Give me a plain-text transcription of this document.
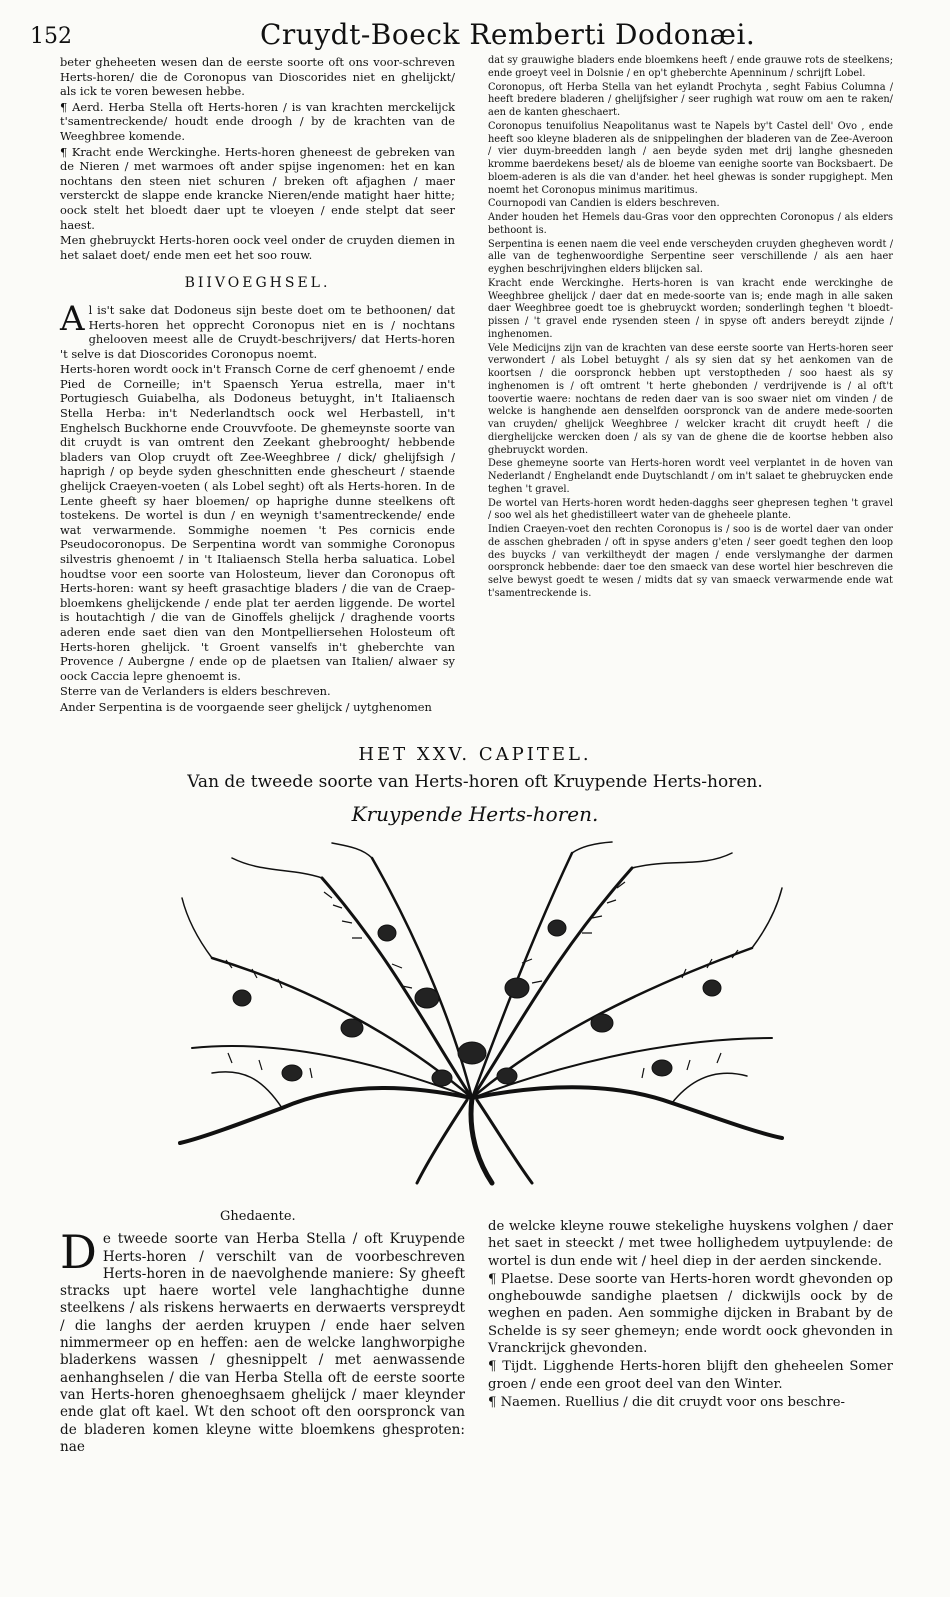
152	Cruydt-Boeck Remberti Dodonæi.

beter gheheeten wesen dan de eerste soorte oft ons voor-schreven Herts-horen/ die de Coronopus van Dioscorides niet en ghelijckt/ als ick te voren bewesen hebbe.

¶ Aerd. Herba Stella oft Herts-horen / is van krachten merckelijck t'samentreckende/ houdt ende droogh / by de krachten van de Weeghbree komende.

¶ Kracht ende Werckinghe. Herts-horen gheneest de gebreken van de Nieren / met warmoes oft ander spijse ingenomen: het en kan nochtans den steen niet schuren / breken oft afjaghen / maer versterckt de slappe ende krancke Nieren/ende matight haer hitte; oock stelt het bloedt daer upt te vloeyen / ende stelpt dat seer haest.

Men ghebruyckt Herts-horen oock veel onder de cruyden diemen in het salaet doet/ ende men eet het soo rouw.

BIIVOEGHSEL.

Al is't sake dat Dodoneus sijn beste doet om te bethoonen/ dat Herts-horen het opprecht Coronopus niet en is / nochtans ghelooven meest alle de Cruydt-beschrijvers/ dat Herts-horen 't selve is dat Dioscorides Coronopus noemt.

Herts-horen wordt oock in't Fransch Corne de cerf ghenoemt / ende Pied de Corneille; in't Spaensch Yerua estrella, maer in't Portugiesch Guiabelha, als Dodoneus betuyght, in't Italiaensch Stella Herba: in't Nederlandtsch oock wel Herbastell, in't Enghelsch Buckhorne ende Crouvvfoote. De ghemeynste soorte van dit cruydt is van omtrent den Zeekant ghebrooght/ hebbende bladers van Olop cruydt oft Zee-Weeghbree / dick/ ghelijfsigh / haprigh / op beyde syden gheschnitten ende ghescheurt / staende ghelijck Craeyen-voeten ( als Lobel seght) oft als Herts-horen. In de Lente gheeft sy haer bloemen/ op haprighe dunne steelkens oft tostekens. De wortel is dun / en weynigh t'samentreckende/ ende wat verwarmende. Sommighe noemen 't Pes cornicis ende Pseudocoronopus. De Serpentina wordt van sommighe Coronopus silvestris ghenoemt / in 't Italiaensch Stella herba saluatica. Lobel houdtse voor een soorte van Holosteum, liever dan Coronopus oft Herts-horen: want sy heeft grasachtige bladers / die van de Craep-bloemkens ghelijckende / ende plat ter aerden liggende. De wortel is houtachtigh / die van de Ginoffels ghelijck / draghende voorts aderen ende saet dien van den Montpelliersehen Holosteum oft Herts-horen ghelijck. 't Groent vanselfs in't gheberchte van Provence / Aubergne / ende op de plaetsen van Italien/ alwaer sy oock Caccia lepre ghenoemt is.

Sterre van de Verlanders is elders beschreven.

Ander Serpentina is de voorgaende seer ghelijck / uytghenomen

dat sy grauwighe bladers ende bloemkens heeft / ende grauwe rots de steelkens; ende groeyt veel in Dolsnie / en op't gheberchte Apenninum / schrijft Lobel.

Coronopus, oft Herba Stella van het eylandt Prochyta , seght Fabius Columna / heeft bredere bladeren / ghelijfsigher / seer rughigh wat rouw om aen te raken/ aen de kanten gheschaert.

Coronopus tenuifolius Neapolitanus wast te Napels by't Castel dell' Ovo , ende heeft soo kleyne bladeren als de snippelinghen der bladeren van de Zee-Averoon / vier duym-breedden langh / aen beyde syden met drij langhe ghesneden kromme baerdekens beset/ als de bloeme van eenighe soorte van Bocksbaert. De bloem-aderen is als die van d'ander. het heel ghewas is sonder rupgighept. Men noemt het Coronopus minimus maritimus.

Cournopodi van Candien is elders beschreven.

Ander houden het Hemels dau-Gras voor den opprechten Coronopus / als elders bethoont is.

Serpentina is eenen naem die veel ende verscheyden cruyden ghegheven wordt / alle van de teghenwoordighe Serpentine seer verschillende / als aen haer eyghen beschrijvinghen elders blijcken sal.

Kracht ende Werckinghe. Herts-horen is van kracht ende werckinghe de Weeghbree ghelijck / daer dat en mede-soorte van is; ende magh in alle saken daer Weeghbree goedt toe is ghebruyckt worden; sonderlingh teghen 't bloedt-pissen / 't gravel ende rysenden steen / in spyse oft anders bereydt zijnde / inghenomen.

Vele Medicijns zijn van de krachten van dese eerste soorte van Herts-horen seer verwondert / als Lobel betuyght / als sy sien dat sy het aenkomen van de koortsen / die oorspronck hebben upt verstoptheden / soo haest als sy inghenomen is / oft omtrent 't herte ghebonden / verdrijvende is / al oft't toovertie waere: nochtans de reden daer van is soo swaer niet om vinden / de welcke is hanghende aen denselfden oorspronck van de andere mede-soorten van cruyden/ ghelijck Weeghbree / welcker kracht dit cruydt heeft / die dierghelijcke wercken doen / als sy van de ghene die de koortse hebben also ghebruyckt worden.

Dese ghemeyne soorte van Herts-horen wordt veel verplantet in de hoven van Nederlandt / Enghelandt ende Duytschlandt / om in't salaet te ghebruycken ende teghen 't gravel.

De wortel van Herts-horen wordt heden-dagghs seer ghepresen teghen 't gravel / soo wel als het ghedistilleert water van de gheheele plante.

Indien Craeyen-voet den rechten Coronopus is / soo is de wortel daer van onder de asschen ghebraden / oft in spyse anders g'eten / seer goedt teghen den loop des buycks / van verkiltheydt der magen / ende verslymanghe der darmen oorspronck hebbende: daer toe den smaeck van dese wortel hier beschreven die selve bewyst goedt te wesen / midts dat sy van smaeck verwarmende ende wat t'samentreckende is.

HET XXV. CAPITEL.
Van de tweede soorte van Herts-horen oft Kruypende Herts-horen.
Kruypende Herts-horen.

Ghedaente.

De tweede soorte van Herba Stella / oft Kruypende Herts-horen / verschilt van de voorbeschreven Herts-horen in de naevolghende maniere: Sy gheeft stracks upt haere wortel vele langhachtighe dunne steelkens / als riskens herwaerts en derwaerts verspreydt / die langhs der aerden kruypen / ende haer selven nimmermeer op en heffen: aen de welcke langhworpighe bladerkens wassen / ghesnippelt / met aenwassende aenhanghselen / die van Herba Stella oft de eerste soorte van Herts-horen ghenoeghsaem ghelijck / maer kleynder ende glat oft kael. Wt den schoot oft den oorspronck van de bladeren komen kleyne witte bloemkens ghesproten: nae

de welcke kleyne rouwe stekelighe huyskens volghen / daer het saet in steeckt / met twee hollighedem uytpuylende: de wortel is dun ende wit / heel diep in der aerden sinckende.

¶ Plaetse. Dese soorte van Herts-horen wordt ghevonden op onghebouwde sandighe plaetsen / dickwijls oock by de weghen en paden. Aen sommighe dijcken in Brabant by de Schelde is sy seer ghemeyn; ende wordt oock ghevonden in Vranckrijck ghevonden.

¶ Tijdt. Ligghende Herts-horen blijft den gheheelen Somer groen / ende een groot deel van den Winter.

¶ Naemen. Ruellius / die dit cruydt voor ons beschre-
